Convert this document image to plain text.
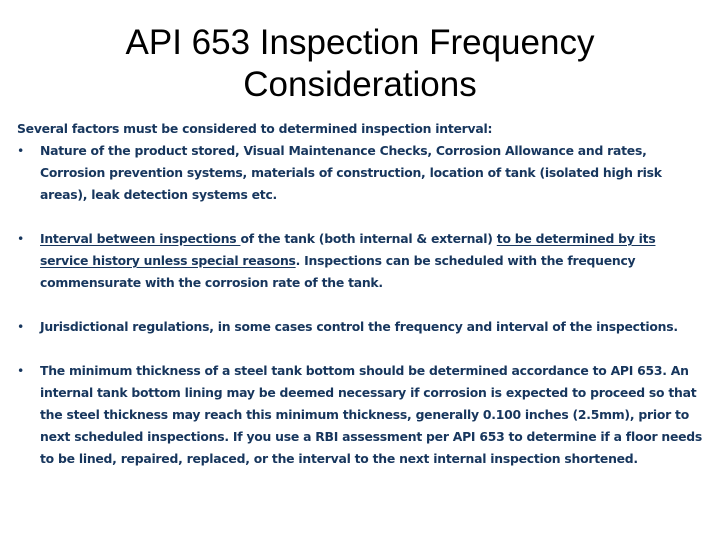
API 653 Inspection Frequency
Considerations

Several factors must be considered to determined inspection interval:

• Nature of the product stored, Visual Maintenance Checks, Corrosion Allowance and rates, Corrosion prevention systems, materials of construction, location of tank (isolated high risk areas), leak detection systems etc.
• Interval between inspections of the tank (both internal & external) to be determined by its service history unless special reasons. Inspections can be scheduled with the frequency commensurate with the corrosion rate of the tank.
• Jurisdictional regulations, in some cases control the frequency and interval of the inspections.
• The minimum thickness of a steel tank bottom should be determined accordance to API 653. An internal tank bottom lining may be deemed necessary if corrosion is expected to proceed so that the steel thickness may reach this minimum thickness, generally 0.100 inches (2.5mm), prior to next scheduled inspections. If you use a RBI assessment per API 653 to determine if a floor needs to be lined, repaired, replaced, or the interval to the next internal inspection shortened.
